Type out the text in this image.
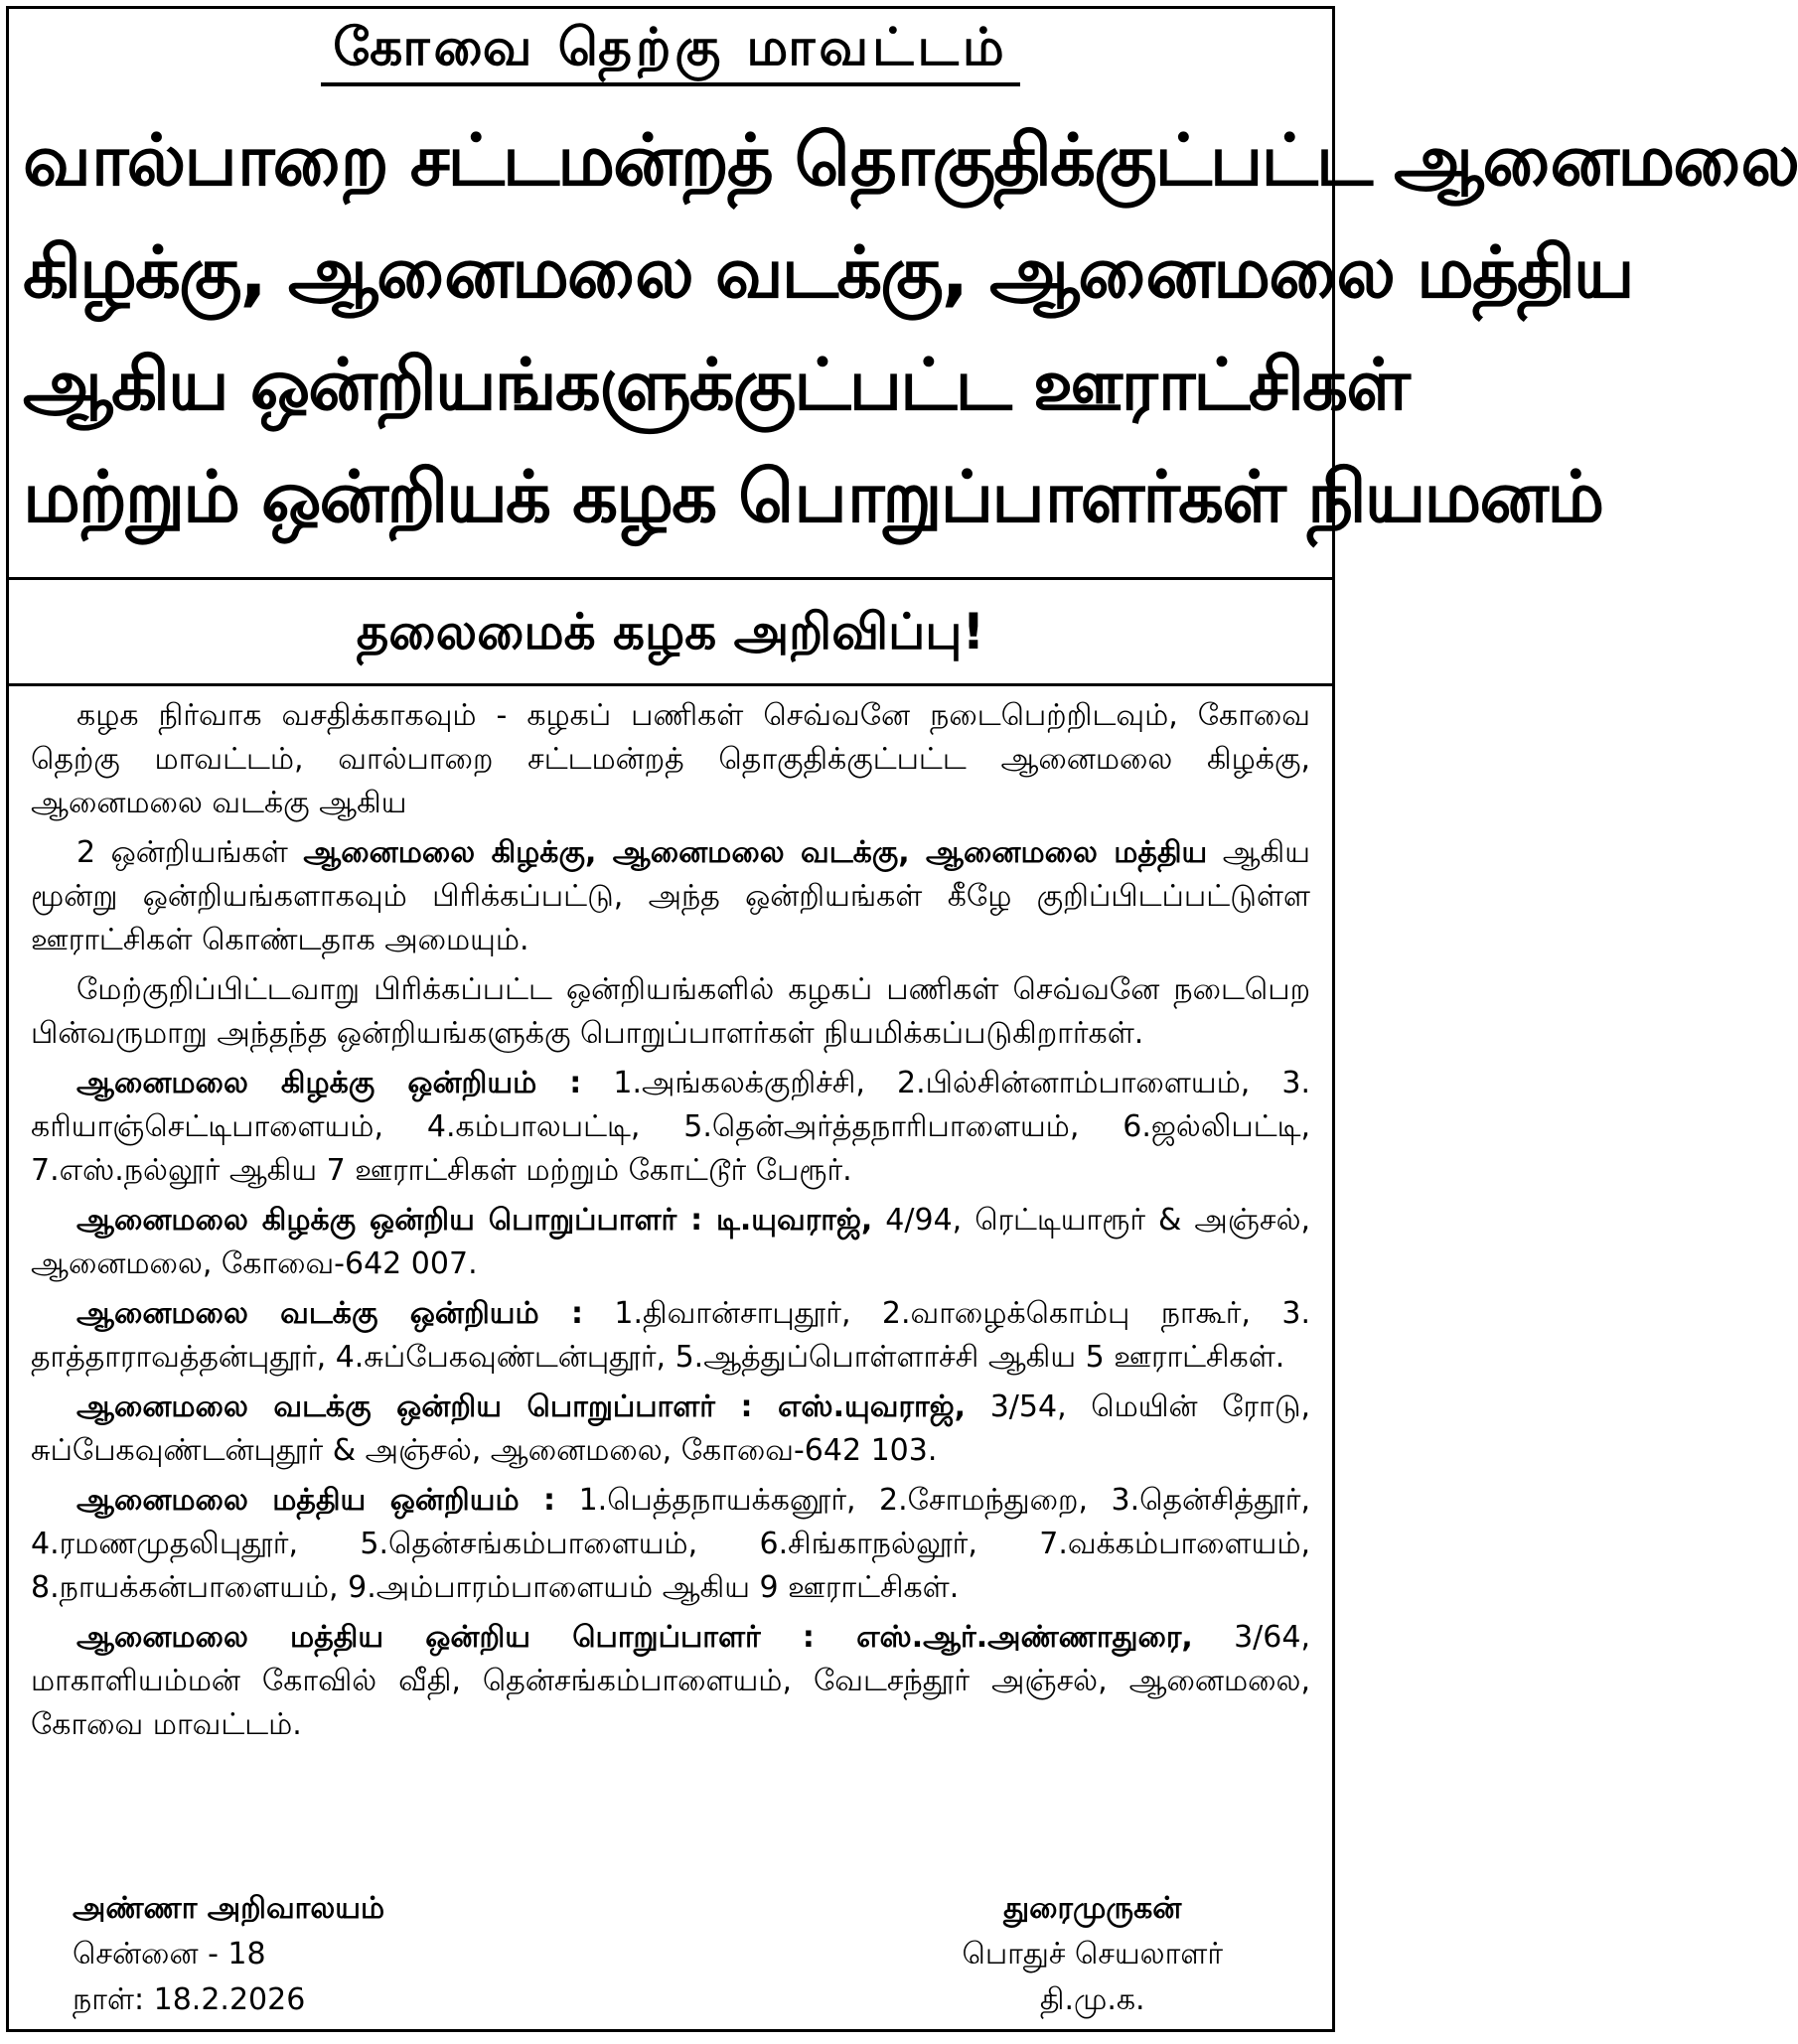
கோவை தெற்கு மாவட்டம்
வால்பாறை சட்டமன்றத் தொகுதிக்குட்பட்ட ஆனைமலை
கிழக்கு, ஆனைமலை வடக்கு, ஆனைமலை மத்திய
ஆகிய ஒன்றியங்களுக்குட்பட்ட ஊராட்சிகள்
மற்றும் ஒன்றியக் கழக பொறுப்பாளர்கள் நியமனம்
தலைமைக் கழக அறிவிப்பு!

கழக நிர்வாக வசதிக்காகவும் - கழகப் பணிகள் செவ்வனே நடைபெற்றிடவும், கோவை தெற்கு மாவட்டம், வால்பாறை சட்டமன்றத் தொகுதிக்குட்பட்ட ஆனைமலை கிழக்கு, ஆனைமலை வடக்கு ஆகிய

2 ஒன்றியங்கள் ஆனைமலை கிழக்கு, ஆனைமலை வடக்கு, ஆனைமலை மத்திய ஆகிய மூன்று ஒன்றியங்களாகவும் பிரிக்கப்பட்டு, அந்த ஒன்றியங்கள் கீழே குறிப்பிடப்பட்டுள்ள ஊராட்சிகள் கொண்டதாக அமையும்.

மேற்குறிப்பிட்டவாறு பிரிக்கப்பட்ட ஒன்றியங்களில் கழகப் பணிகள் செவ்வனே நடைபெற பின்வருமாறு அந்தந்த ஒன்றியங்களுக்கு பொறுப்பாளர்கள் நியமிக்கப்படுகிறார்கள்.

ஆனைமலை கிழக்கு ஒன்றியம் : 1.அங்கலக்குறிச்சி, 2.பில்சின்னாம்பாளையம், 3. கரியாஞ்செட்டிபாளையம், 4.கம்பாலபட்டி, 5.தென்அர்த்தநாரிபாளையம், 6.ஜல்லிபட்டி, 7.எஸ்.நல்லூர் ஆகிய 7 ஊராட்சிகள் மற்றும் கோட்டூர் பேரூர்.

ஆனைமலை கிழக்கு ஒன்றிய பொறுப்பாளர் : டி.யுவராஜ், 4/94, ரெட்டியாரூர் & அஞ்சல், ஆனைமலை, கோவை-642 007.

ஆனைமலை வடக்கு ஒன்றியம் : 1.திவான்சாபுதூர், 2.வாழைக்கொம்பு நாகூர், 3. தாத்தாராவத்தன்புதூர், 4.சுப்பேகவுண்டன்புதூர், 5.ஆத்துப்பொள்ளாச்சி ஆகிய 5 ஊராட்சிகள்.

ஆனைமலை வடக்கு ஒன்றிய பொறுப்பாளர் : எஸ்.யுவராஜ், 3/54, மெயின் ரோடு, சுப்பேகவுண்டன்புதூர் & அஞ்சல், ஆனைமலை, கோவை-642 103.

ஆனைமலை மத்திய ஒன்றியம் : 1.பெத்தநாயக்கனூர், 2.சோமந்துறை, 3.தென்சித்தூர், 4.ரமணமுதலிபுதூர், 5.தென்சங்கம்பாளையம், 6.சிங்காநல்லூர், 7.வக்கம்பாளையம், 8.நாயக்கன்பாளையம், 9.அம்பாரம்பாளையம் ஆகிய 9 ஊராட்சிகள்.

ஆனைமலை மத்திய ஒன்றிய பொறுப்பாளர் : எஸ்.ஆர்.அண்ணாதுரை, 3/64, மாகாளியம்மன் கோவில் வீதி, தென்சங்கம்பாளையம், வேடசந்தூர் அஞ்சல், ஆனைமலை, கோவை மாவட்டம்.

அண்ணா அறிவாலயம்
சென்னை - 18
நாள்: 18.2.2026
துரைமுருகன்
பொதுச் செயலாளர்
தி.மு.க.
